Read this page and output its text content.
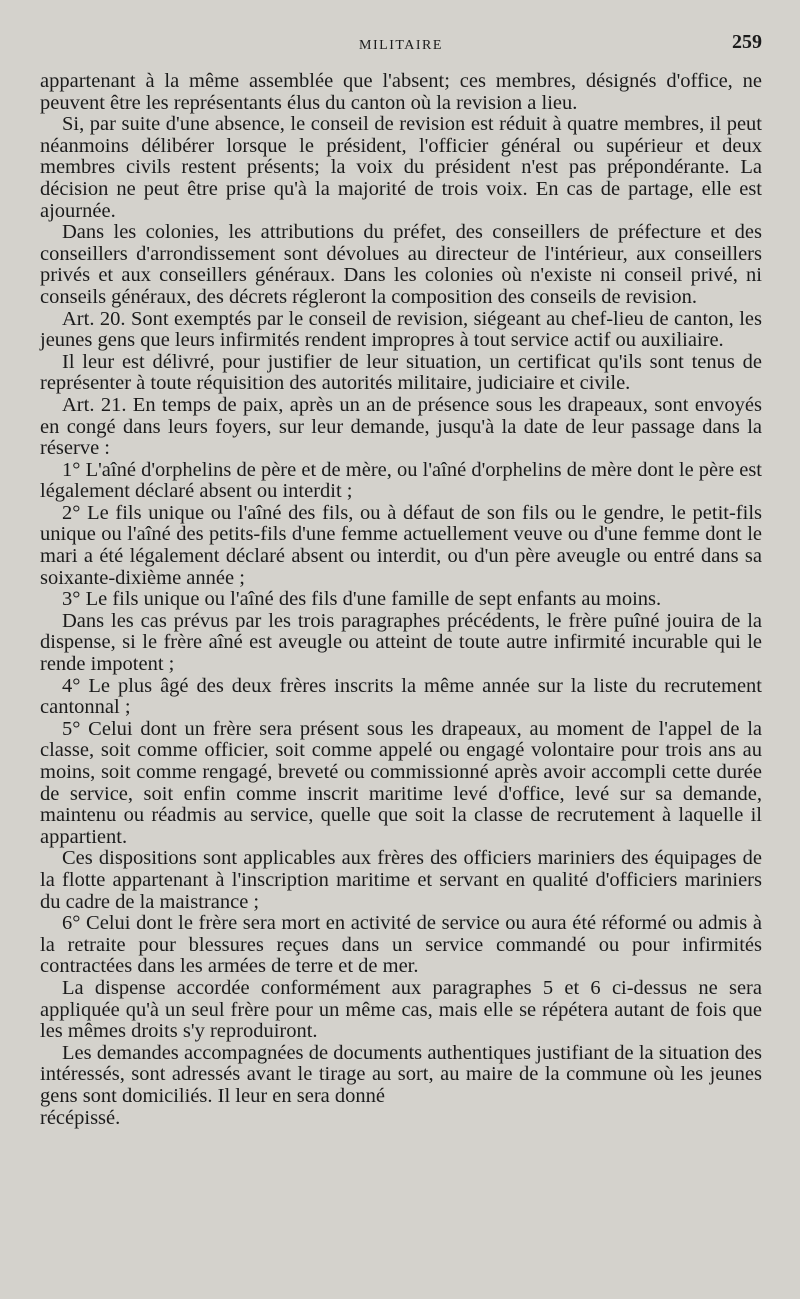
MILITAIRE	259

appartenant à la même assemblée que l'absent; ces membres, désignés d'office, ne peuvent être les représentants élus du canton où la revision a lieu.

Si, par suite d'une absence, le conseil de revision est réduit à quatre membres, il peut néanmoins délibérer lorsque le président, l'officier général ou supérieur et deux membres civils restent présents; la voix du président n'est pas prépondérante. La décision ne peut être prise qu'à la majorité de trois voix. En cas de partage, elle est ajournée.

Dans les colonies, les attributions du préfet, des conseillers de préfecture et des conseillers d'arrondissement sont dévolues au directeur de l'intérieur, aux conseillers privés et aux conseillers généraux. Dans les colonies où n'existe ni conseil privé, ni conseils généraux, des décrets régleront la composition des conseils de revision.

Art. 20. Sont exemptés par le conseil de revision, siégeant au chef-lieu de canton, les jeunes gens que leurs infirmités rendent impropres à tout service actif ou auxiliaire.

Il leur est délivré, pour justifier de leur situation, un certificat qu'ils sont tenus de représenter à toute réquisition des autorités militaire, judiciaire et civile.

Art. 21. En temps de paix, après un an de présence sous les drapeaux, sont envoyés en congé dans leurs foyers, sur leur demande, jusqu'à la date de leur passage dans la réserve :

1° L'aîné d'orphelins de père et de mère, ou l'aîné d'orphelins de mère dont le père est légalement déclaré absent ou interdit ;

2° Le fils unique ou l'aîné des fils, ou à défaut de son fils ou le gendre, le petit-fils unique ou l'aîné des petits-fils d'une femme actuellement veuve ou d'une femme dont le mari a été légalement déclaré absent ou interdit, ou d'un père aveugle ou entré dans sa soixante-dixième année ;

3° Le fils unique ou l'aîné des fils d'une famille de sept enfants au moins.

Dans les cas prévus par les trois paragraphes précédents, le frère puîné jouira de la dispense, si le frère aîné est aveugle ou atteint de toute autre infirmité incurable qui le rende impotent ;

4° Le plus âgé des deux frères inscrits la même année sur la liste du recrutement cantonnal ;

5° Celui dont un frère sera présent sous les drapeaux, au moment de l'appel de la classe, soit comme officier, soit comme appelé ou engagé volontaire pour trois ans au moins, soit comme rengagé, breveté ou commissionné après avoir accompli cette durée de service, soit enfin comme inscrit maritime levé d'office, levé sur sa demande, maintenu ou réadmis au service, quelle que soit la classe de recrutement à laquelle il appartient.

Ces dispositions sont applicables aux frères des officiers mariniers des équipages de la flotte appartenant à l'inscription maritime et servant en qualité d'officiers mariniers du cadre de la maistrance ;

6° Celui dont le frère sera mort en activité de service ou aura été réformé ou admis à la retraite pour blessures reçues dans un service commandé ou pour infirmités contractées dans les armées de terre et de mer.

La dispense accordée conformément aux paragraphes 5 et 6 ci-dessus ne sera appliquée qu'à un seul frère pour un même cas, mais elle se répétera autant de fois que les mêmes droits s'y reproduiront.

Les demandes accompagnées de documents authentiques justifiant de la situation des intéressés, sont adressés avant le tirage au sort, au maire de la commune où les jeunes gens sont domiciliés. Il leur en sera donné

récépissé.
